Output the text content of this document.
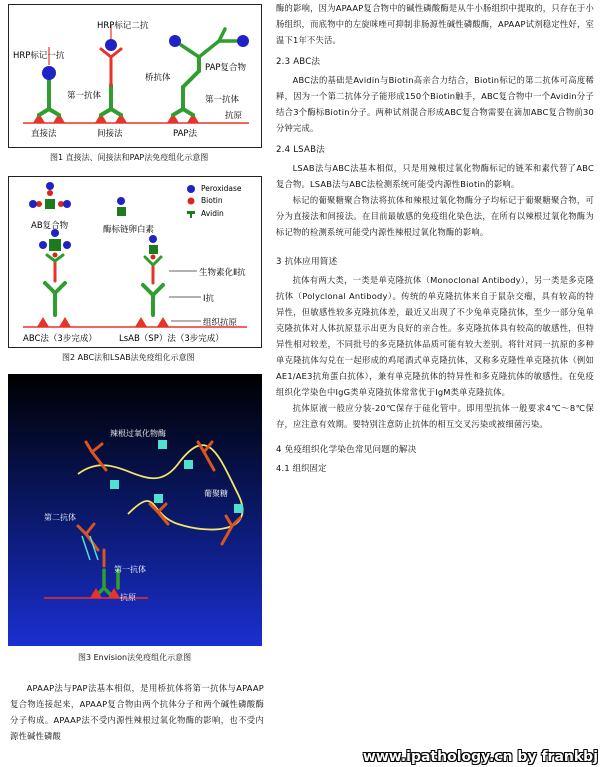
HRP标记一抗
HRP标记二抗
桥抗体
PAP复合物
第一抗体	第一抗体
抗原
直接法	间接法	PAP法
图1 直接法、间接法和PAP法免疫组化示意图
Peroxidase
Biotin
Avidin
AB复合物	酶标链卵白素
生物素化Ⅱ抗
Ⅰ抗
组织抗原
ABC法（3步完成）	LsAB（SP）法（3步完成）
图2 ABC法和LSAB法免疫组化示意图
辣根过氧化物酶
葡聚糖
第二抗体
第一抗体
抗原
图3 Envision法免疫组化示意图

APAAP法与PAP法基本相似，是用桥抗体将第一抗体与APAAP复合物连接起来，APAAP复合物由两个抗体分子和两个碱性磷酸酶分子构成。APAAP法不受内源性辣根过氧化物酶的影响，也不受内源性碱性磷酸

酶的影响，因为APAAP复合物中的碱性磷酸酶是从牛小肠组织中提取的，只存在于小肠组织，而底物中的左旋咪唑可抑制非肠源性碱性磷酸酶，APAAP试剂稳定性好，室温下1年不失活。

2.3 ABC法

ABC法的基础是Avidin与Biotin高亲合力结合，Biotin标记的第二抗体可高度稀释，因为一个第二抗体分子能形成150个Biotin触手，ABC复合物中一个Avidin分子结合3个酶标Biotin分子。两种试剂混合形成ABC复合物需要在滴加ABC复合物前30分钟完成。

2.4 LSAB法

LSAB法与ABC法基本相似，只是用辣根过氧化物酶标记的链苯和素代替了ABC复合物。LSAB法与ABC法检测系统可能受内源性Biotin的影响。

标记的葡聚糖聚合物法将抗体和辣根过氧化物酶分子均标记于葡聚糖聚合物，可分为直接法和间接法。在目前最敏感的免疫组化染色法，在所有以辣根过氧化物酶为标记物的检测系统可能受内源性辣根过氧化物酶的影响。

3 抗体应用简述

抗体有两大类，一类是单克隆抗体（Monoclonal Antibody），另一类是多克隆抗体（Polyclonal Antibody）。传统的单克隆抗体来自于鼠杂交瘤，具有较高的特异性，但敏感性较多克隆抗体差，最近又出现了不少兔单克隆抗体，至少一部分兔单克隆抗体对人体抗原显示出更为良好的亲合性。多克隆抗体具有较高的敏感性，但特异性相对较差，不同批号的多克隆抗体品质可能有较大差别。将针对同一抗原的多种单克隆抗体勾兑在一起形成的鸡尾酒式单克隆抗体，又称多克隆性单克隆抗体（例如AE1/AE3抗角蛋白抗体），兼有单克隆抗体的特异性和多克隆抗体的敏感性。在免疫组织化学染色中IgG类单克隆抗体常常优于IgM类单克隆抗体。

抗体原液一般应分装-20℃保存于硅化管中。即用型抗体一般要求4℃～8℃保存，应注意有效期。要特别注意防止抗体的相互交叉污染或被细菌污染。

4 免疫组织化学染色常见问题的解决

4.1 组织固定

www.ipathology.cn by frankbj
